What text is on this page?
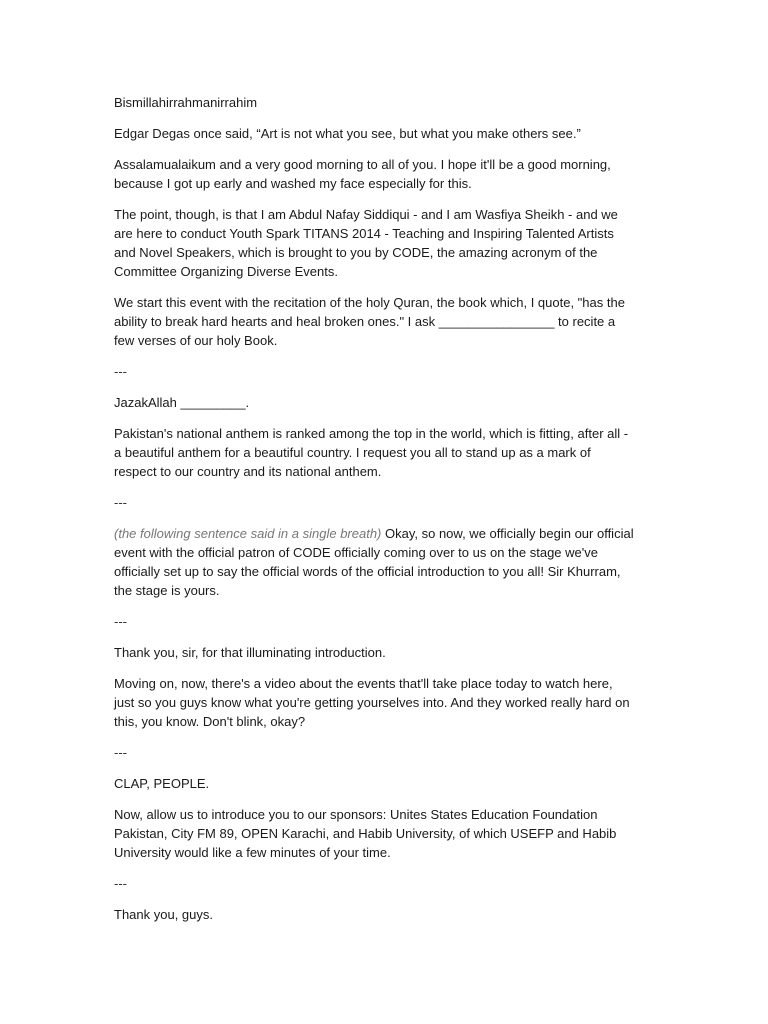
Bismillahirrahmanirrahim

Edgar Degas once said, “Art is not what you see, but what you make others see.”

Assalamualaikum and a very good morning to all of you. I hope it'll be a good morning, because I got up early and washed my face especially for this.

The point, though, is that I am Abdul Nafay Siddiqui - and I am Wasfiya Sheikh - and we are here to conduct Youth Spark TITANS 2014 - Teaching and Inspiring Talented Artists and Novel Speakers, which is brought to you by CODE, the amazing acronym of the Committee Organizing Diverse Events.

We start this event with the recitation of the holy Quran, the book which, I quote, "has the ability to break hard hearts and heal broken ones." I ask ________________ to recite a few verses of our holy Book.

---

JazakAllah _________.

Pakistan's national anthem is ranked among the top in the world, which is fitting, after all - a beautiful anthem for a beautiful country. I request you all to stand up as a mark of respect to our country and its national anthem.

---

(the following sentence said in a single breath) Okay, so now, we officially begin our official event with the official patron of CODE officially coming over to us on the stage we've officially set up to say the official words of the official introduction to you all! Sir Khurram, the stage is yours.

---

Thank you, sir, for that illuminating introduction.

Moving on, now, there's a video about the events that'll take place today to watch here, just so you guys know what you're getting yourselves into. And they worked really hard on this, you know. Don't blink, okay?

---

CLAP, PEOPLE.

Now, allow us to introduce you to our sponsors: Unites States Education Foundation Pakistan, City FM 89, OPEN Karachi, and Habib University, of which USEFP and Habib University would like a few minutes of your time.

---

Thank you, guys.
